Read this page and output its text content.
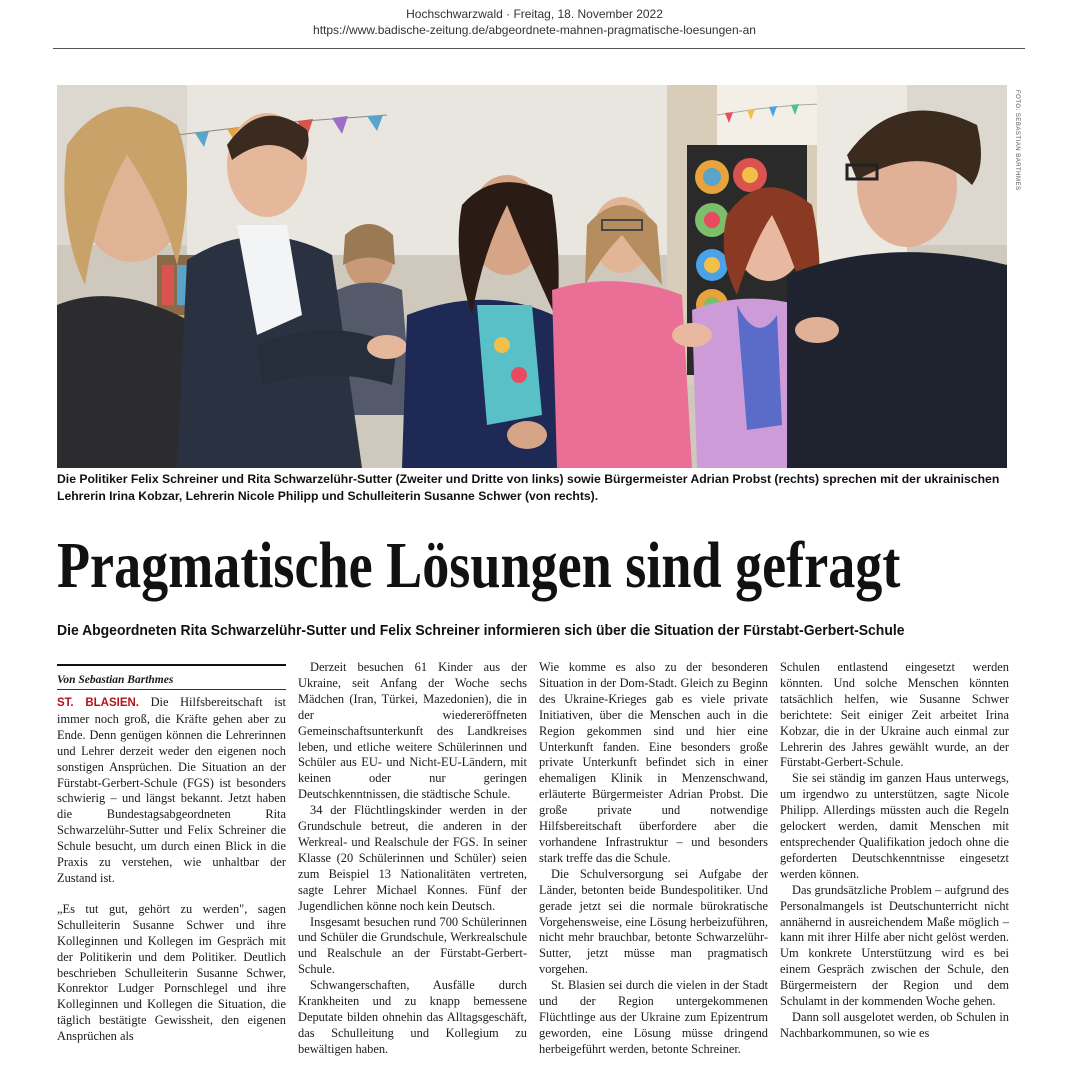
Hochschwarzwald · Freitag, 18. November 2022
https://www.badische-zeitung.de/abgeordnete-mahnen-pragmatische-loesungen-an
FOTO: SEBASTIAN BARTHMES
Die Politiker Felix Schreiner und Rita Schwarzelühr-Sutter (Zweiter und Dritte von links) sowie Bürgermeister Adrian Probst (rechts) sprechen mit der ukrainischen Lehrerin Irina Kobzar, Lehrerin Nicole Philipp und Schulleiterin Susanne Schwer (von rechts).
Pragmatische Lösungen sind gefragt
Die Abgeordneten Rita Schwarzelühr-Sutter und Felix Schreiner informieren sich über die Situation der Fürstabt-Gerbert-Schule
Von Sebastian Barthmes

ST. BLASIEN. Die Hilfsbereitschaft ist immer noch groß, die Kräfte gehen aber zu Ende. Denn genügen können die Lehrerinnen und Lehrer derzeit weder den eigenen noch sonstigen Ansprüchen. Die Situation an der Fürstabt-Gerbert-Schule (FGS) ist besonders schwierig – und längst bekannt. Jetzt haben die Bundestagsabgeordneten Rita Schwarzelühr-Sutter und Felix Schreiner die Schule besucht, um durch einen Blick in die Praxis zu verstehen, wie unhaltbar der Zustand ist.

„Es tut gut, gehört zu werden", sagen Schulleiterin Susanne Schwer und ihre Kolleginnen und Kollegen im Gespräch mit der Politikerin und dem Politiker. Deutlich beschrieben Schulleiterin Susanne Schwer, Konrektor Ludger Pornschlegel und ihre Kolleginnen und Kollegen die Situation, die täglich bestätigte Gewissheit, den eigenen Ansprüchen als

Derzeit besuchen 61 Kinder aus der Ukraine, seit Anfang der Woche sechs Mädchen (Iran, Türkei, Mazedonien), die in der wiedereröffneten Gemeinschaftsunterkunft des Landkreises leben, und etliche weitere Schülerinnen und Schüler aus EU- und Nicht-EU-Ländern, mit keinen oder nur geringen Deutschkenntnissen, die städtische Schule.

34 der Flüchtlingskinder werden in der Grundschule betreut, die anderen in der Werkreal- und Realschule der FGS. In seiner Klasse (20 Schülerinnen und Schüler) seien zum Beispiel 13 Nationalitäten vertreten, sagte Lehrer Michael Konnes. Fünf der Jugendlichen könne noch kein Deutsch.

Insgesamt besuchen rund 700 Schülerinnen und Schüler die Grundschule, Werkrealschule und Realschule an der Fürstabt-Gerbert-Schule.

Schwangerschaften, Ausfälle durch Krankheiten und zu knapp bemessene Deputate bilden ohnehin das Alltagsgeschäft, das Schulleitung und Kollegium zu bewältigen haben.

Wie komme es also zu der besonderen Situation in der Dom-Stadt. Gleich zu Beginn des Ukraine-Krieges gab es viele private Initiativen, über die Menschen auch in die Region gekommen sind und hier eine Unterkunft fanden. Eine besonders große private Unterkunft befindet sich in einer ehemaligen Klinik in Menzenschwand, erläuterte Bürgermeister Adrian Probst. Die große private und notwendige Hilfsbereitschaft überfordere aber die vorhandene Infrastruktur – und besonders stark treffe das die Schule.

Die Schulversorgung sei Aufgabe der Länder, betonten beide Bundespolitiker. Und gerade jetzt sei die normale bürokratische Vorgehensweise, eine Lösung herbeizuführen, nicht mehr brauchbar, betonte Schwarzelühr-Sutter, jetzt müsse man pragmatisch vorgehen.

St. Blasien sei durch die vielen in der Stadt und der Region untergekommenen Flüchtlinge aus der Ukraine zum Epizentrum geworden, eine Lösung müsse dringend herbeigeführt werden, betonte Schreiner.

Schulen entlastend eingesetzt werden könnten. Und solche Menschen könnten tatsächlich helfen, wie Susanne Schwer berichtete: Seit einiger Zeit arbeitet Irina Kobzar, die in der Ukraine auch einmal zur Lehrerin des Jahres gewählt wurde, an der Fürstabt-Gerbert-Schule.

Sie sei ständig im ganzen Haus unterwegs, um irgendwo zu unterstützen, sagte Nicole Philipp. Allerdings müssten auch die Regeln gelockert werden, damit Menschen mit entsprechender Qualifikation jedoch ohne die geforderten Deutschkenntnisse eingesetzt werden können.

Das grundsätzliche Problem – aufgrund des Personalmangels ist Deutschunterricht nicht annähernd in ausreichendem Maße möglich – kann mit ihrer Hilfe aber nicht gelöst werden. Um konkrete Unterstützung wird es bei einem Gespräch zwischen der Schule, den Bürgermeistern der Region und dem Schulamt in der kommenden Woche gehen.

Dann soll ausgelotet werden, ob Schulen in Nachbarkommunen, so wie es
